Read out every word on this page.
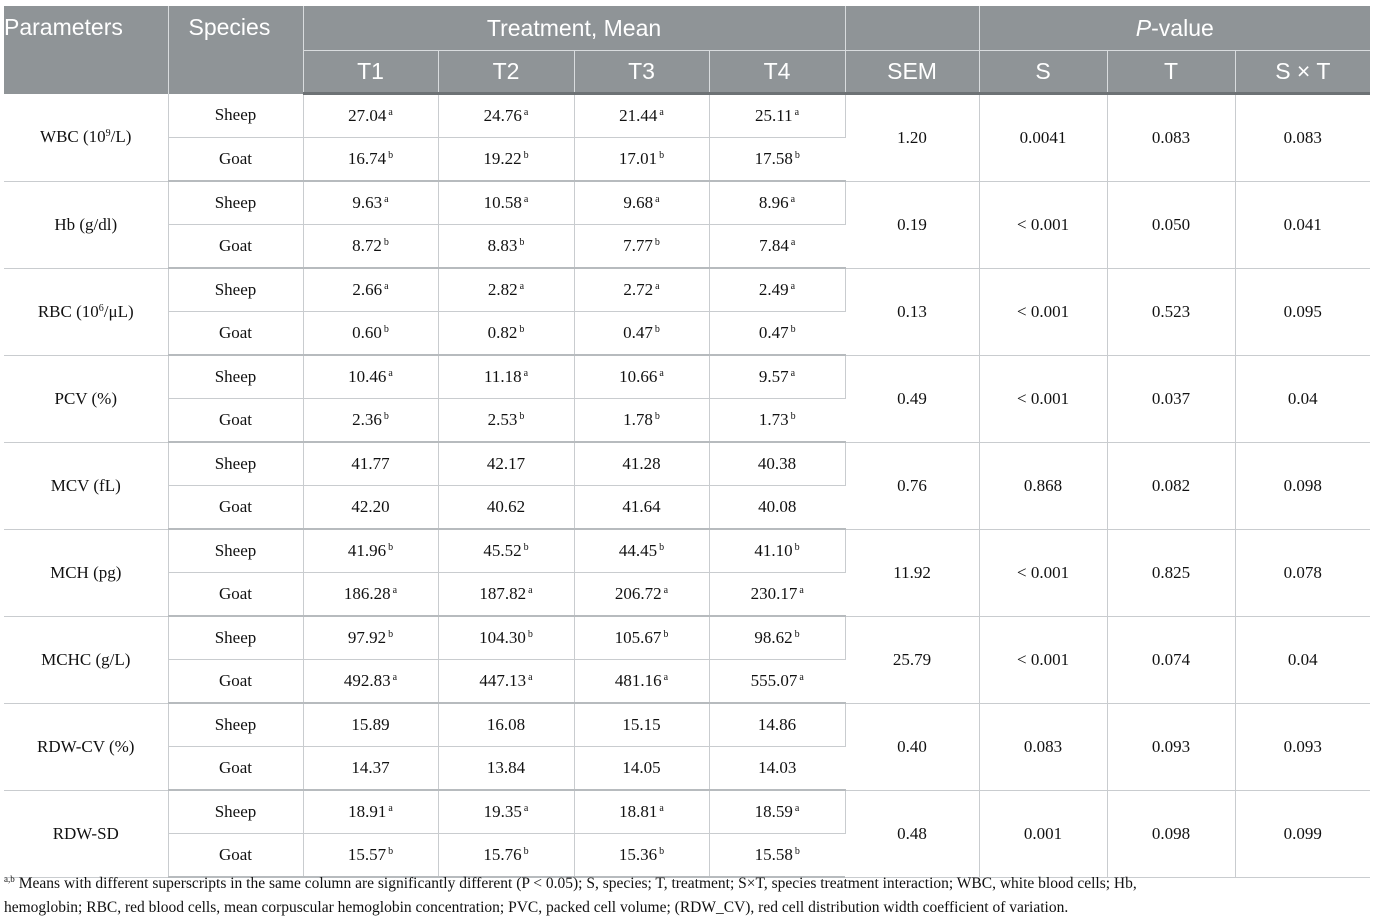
Parameters	Species	Treatment, Mean					P-value		
		T1	T2	T3	T4	SEM	S	T	S × T
WBC $(10^9/L)$	Sheep	27.04 $^a$	24.76 $^a$	21.44 $^a$	25.11 $^a$	1.20	0.0041	0.083	0.083
	Goat	16.74 $^b$	19.22 $^b$	17.01 $^b$	17.58 $^b$
Hb (g/dl)	Sheep	9.63 $^a$	10.58 $^a$	9.68 $^a$	8.96 $^a$	0.19	< 0.001	0.050	0.041
	Goat	8.72 $^b$	8.83 $^b$	7.77 $^b$	7.84 $^a$
RBC $(10^6/\mu L)$	Sheep	2.66 $^a$	2.82 $^a$	2.72 $^a$	2.49 $^a$	0.13	< 0.001	0.523	0.095
	Goat	0.60 $^b$	0.82 $^b$	0.47 $^b$	0.47 $^b$
PCV (%)	Sheep	10.46 $^a$	11.18 $^a$	10.66 $^a$	9.57 $^a$	0.49	< 0.001	0.037	0.04
	Goat	2.36 $^b$	2.53 $^b$	1.78 $^b$	1.73 $^b$
MCV (fL)	Sheep	41.77	42.17	41.28	40.38	0.76	0.868	0.082	0.098
	Goat	42.20	40.62	41.64	40.08				
MCH (pg)	Sheep	41.96 $^b$	45.52 $^b$	44.45 $^b$	41.10 $^b$	11.92	< 0.001	0.825	0.078
	Goat	186.28 $^a$	187.82 $^a$	206.72 $^a$	230.17 $^a$
MCHC (g/L)	Sheep	97.92 $^b$	104.30 $^b$	105.67 $^b$	98.62 $^b$	25.79	< 0.001	0.074	0.04
	Goat	492.83 $^a$	447.13 $^a$	481.16 $^a$	555.07 $^a$
RDW-CV (%)	Sheep	15.89	16.08	15.15	14.86	0.40	0.083	0.093	0.093
	Goat	14.37	13.84	14.05	14.03				
RDW-SD	Sheep	18.91 $^a$	19.35 $^a$	18.81 $^a$	18.59 $^a$	0.48	0.001	0.098	0.099
	Goat	15.57 $^b$	15.76 $^b$	15.36 $^b$	15.58 $^b$
$^{a,b}$ Means with different superscripts in the same column are significantly different (P < 0.05); S, species; T, treatment; S×T, species treatment interaction; WBC, white blood cells; Hb,
hemoglobin; RBC, red blood cells, mean corpuscular hemoglobin concentration; PVC, packed cell volume; (RDW_CV), red cell distribution width coefficient of variation.
